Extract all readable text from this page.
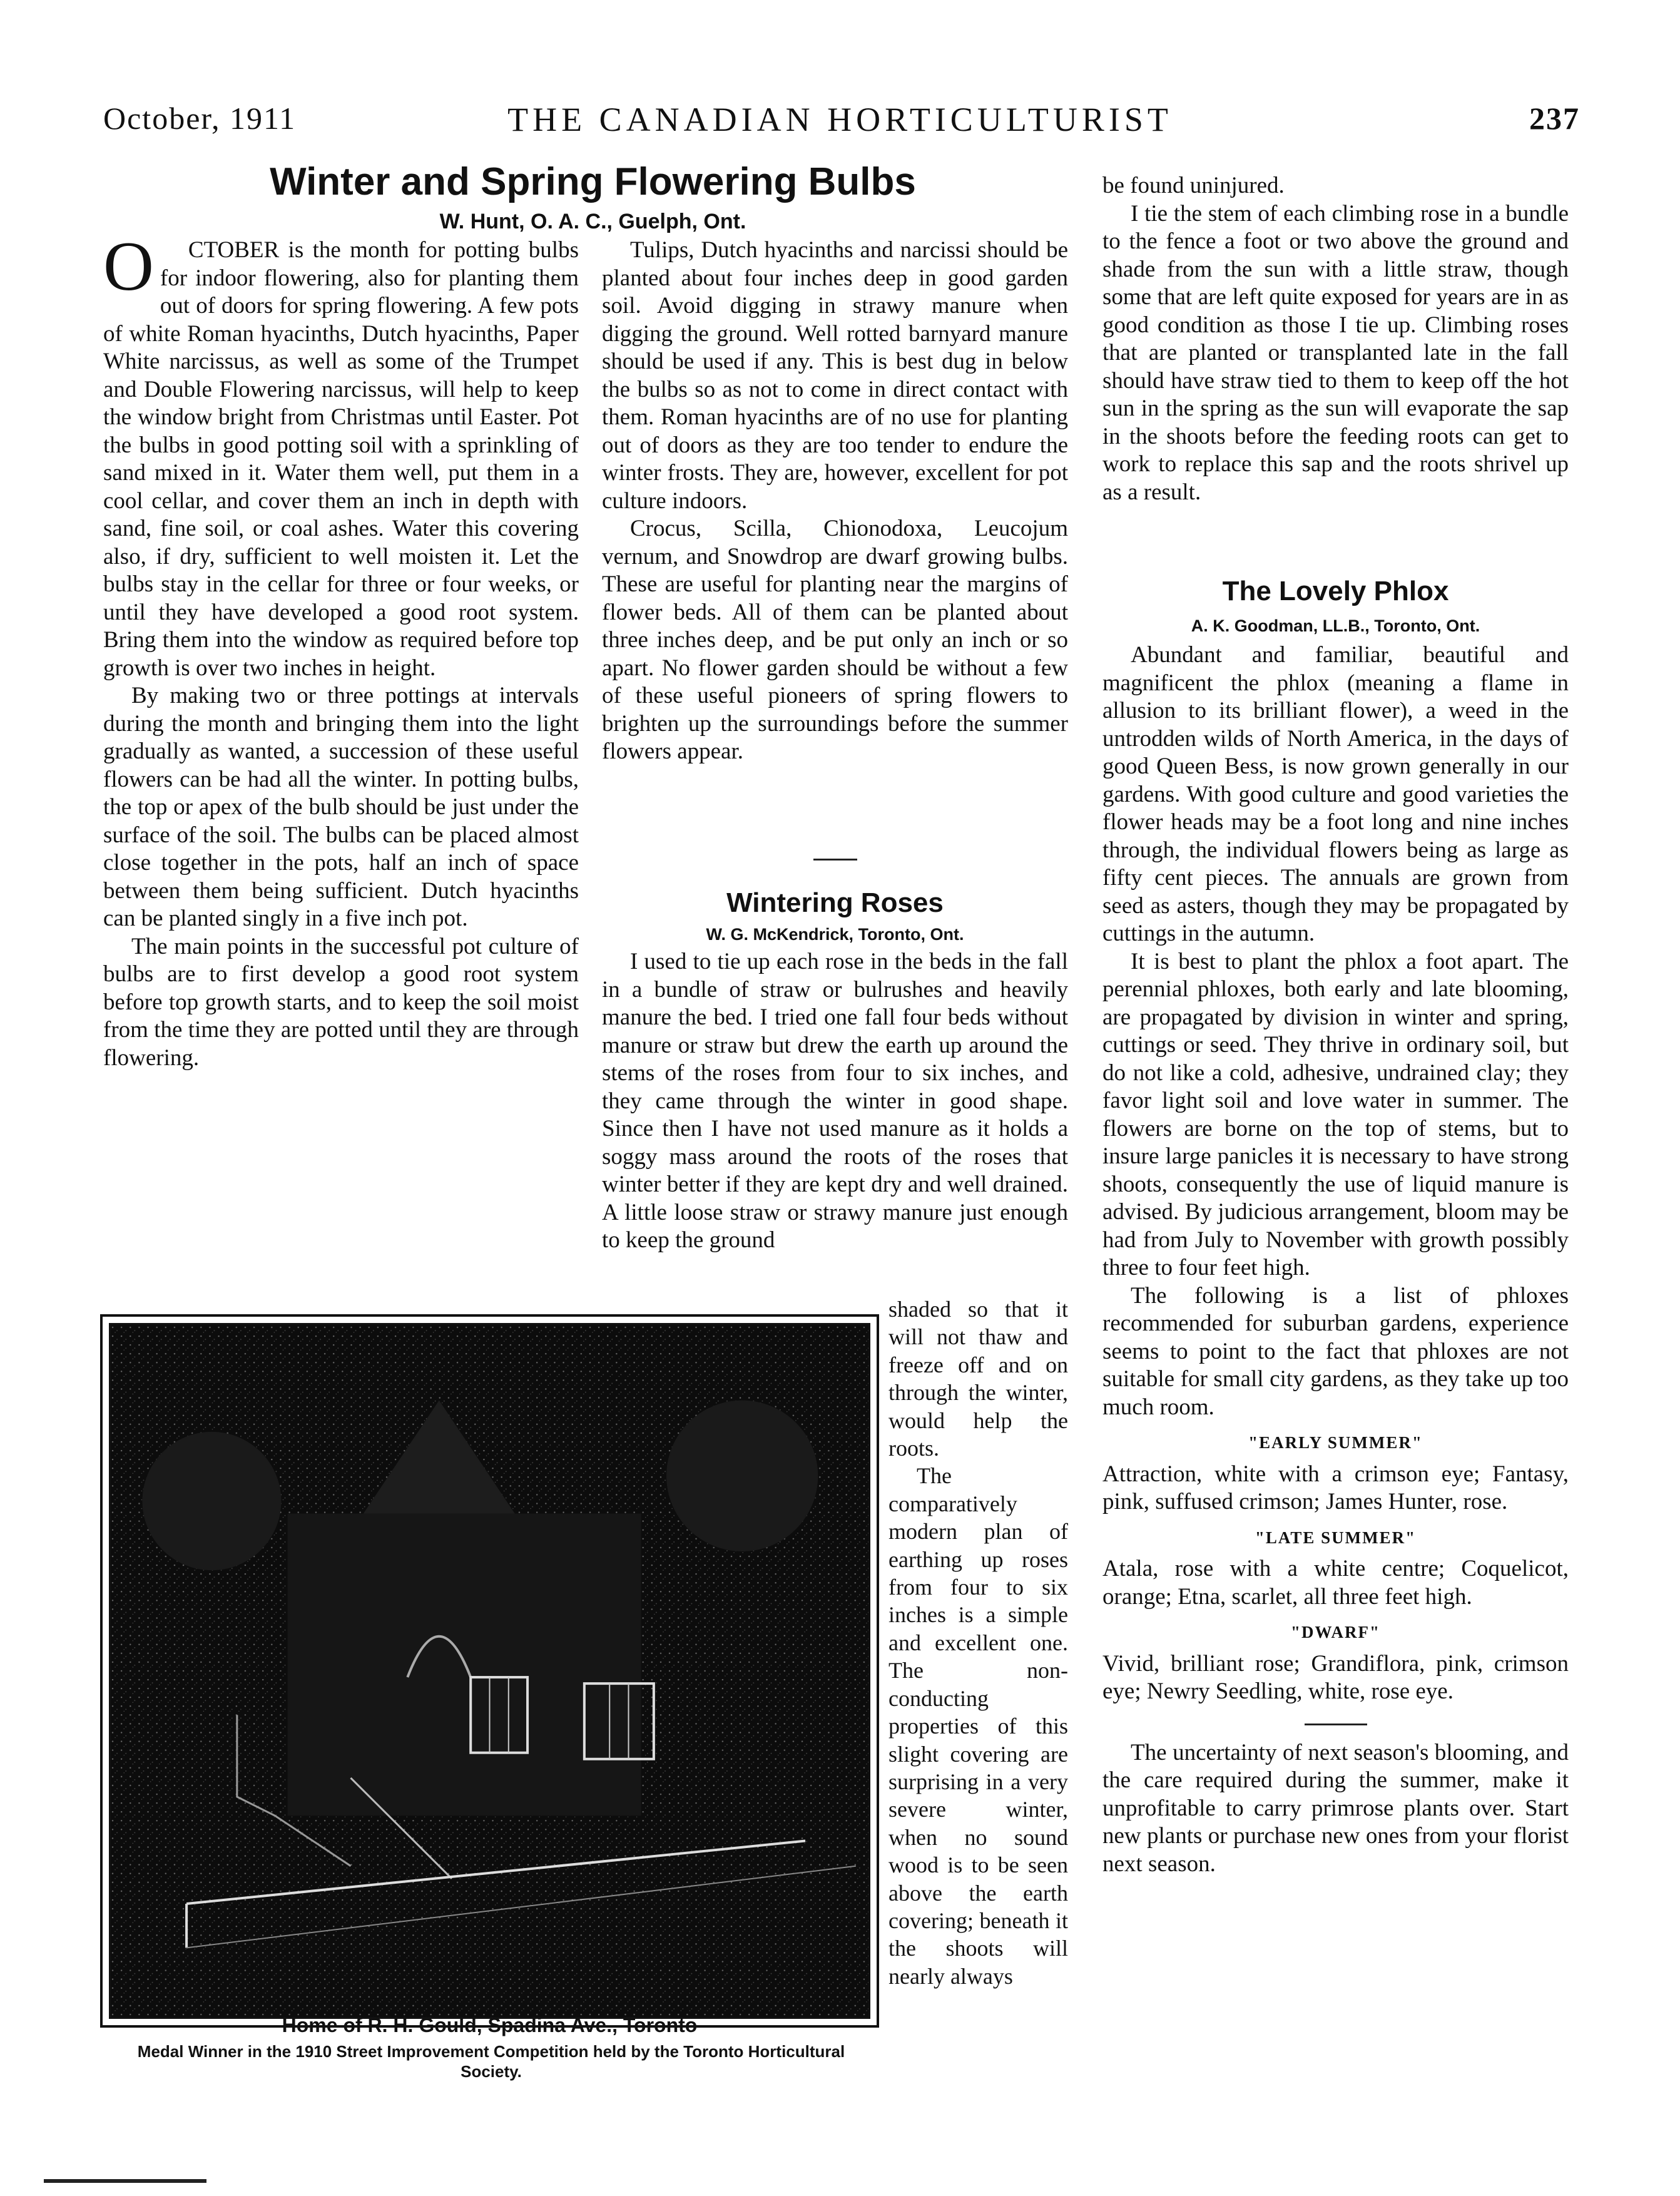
October, 1911	THE CANADIAN HORTICULTURIST	237
Winter and Spring Flowering Bulbs
W. Hunt, O. A. C., Guelph, Ont.

O CTOBER is the month for potting bulbs for indoor flowering, also for planting them out of doors for spring flowering. A few pots of white Roman hyacinths, Dutch hyacinths, Paper White narcissus, as well as some of the Trumpet and Double Flowering narcissus, will help to keep the window bright from Christmas until Easter. Pot the bulbs in good potting soil with a sprinkling of sand mixed in it. Water them well, put them in a cool cellar, and cover them an inch in depth with sand, fine soil, or coal ashes. Water this covering also, if dry, sufficient to well moisten it. Let the bulbs stay in the cellar for three or four weeks, or until they have developed a good root system. Bring them into the window as required before top growth is over two inches in height.

By making two or three pottings at intervals during the month and bringing them into the light gradually as wanted, a succession of these useful flowers can be had all the winter. In potting bulbs, the top or apex of the bulb should be just under the surface of the soil. The bulbs can be placed almost close together in the pots, half an inch of space between them being sufficient. Dutch hyacinths can be planted singly in a five inch pot.

The main points in the successful pot culture of bulbs are to first develop a good root system before top growth starts, and to keep the soil moist from the time they are potted until they are through flowering.

Tulips, Dutch hyacinths and narcissi should be planted about four inches deep in good garden soil. Avoid digging in strawy manure when digging the ground. Well rotted barnyard manure should be used if any. This is best dug in below the bulbs so as not to come in direct contact with them. Roman hyacinths are of no use for planting out of doors as they are too tender to endure the winter frosts. They are, however, excellent for pot culture indoors.

Crocus, Scilla, Chionodoxa, Leucojum vernum, and Snowdrop are dwarf growing bulbs. These are useful for planting near the margins of flower beds. All of them can be planted about three inches deep, and be put only an inch or so apart. No flower garden should be without a few of these useful pioneers of spring flowers to brighten up the surroundings before the summer flowers appear.

Wintering Roses
W. G. McKendrick, Toronto, Ont.

I used to tie up each rose in the beds in the fall in a bundle of straw or bulrushes and heavily manure the bed. I tried one fall four beds without manure or straw but drew the earth up around the stems of the roses from four to six inches, and they came through the winter in good shape. Since then I have not used manure as it holds a soggy mass around the roots of the roses that winter better if they are kept dry and well drained. A little loose straw or strawy manure just enough to keep the ground

shaded so that it will not thaw and freeze off and on through the winter, would help the roots.

The comparatively modern plan of earthing up roses from four to six inches is a simple and excellent one. The non-conducting properties of this slight covering are surprising in a very severe winter, when no sound wood is to be seen above the earth covering; beneath it the shoots will nearly always

be found uninjured.

I tie the stem of each climbing rose in a bundle to the fence a foot or two above the ground and shade from the sun with a little straw, though some that are left quite exposed for years are in as good condition as those I tie up. Climbing roses that are planted or transplanted late in the fall should have straw tied to them to keep off the hot sun in the spring as the sun will evaporate the sap in the shoots before the feeding roots can get to work to replace this sap and the roots shrivel up as a result.

The Lovely Phlox
A. K. Goodman, LL.B., Toronto, Ont.

Abundant and familiar, beautiful and magnificent the phlox (meaning a flame in allusion to its brilliant flower), a weed in the untrodden wilds of North America, in the days of good Queen Bess, is now grown generally in our gardens. With good culture and good varieties the flower heads may be a foot long and nine inches through, the individual flowers being as large as fifty cent pieces. The annuals are grown from seed as asters, though they may be propagated by cuttings in the autumn.

It is best to plant the phlox a foot apart. The perennial phloxes, both early and late blooming, are propagated by division in winter and spring, cuttings or seed. They thrive in ordinary soil, but do not like a cold, adhesive, undrained clay; they favor light soil and love water in summer. The flowers are borne on the top of stems, but to insure large panicles it is necessary to have strong shoots, consequently the use of liquid manure is advised. By judicious arrangement, bloom may be had from July to November with growth possibly three to four feet high.

The following is a list of phloxes recommended for suburban gardens, experience seems to point to the fact that phloxes are not suitable for small city gardens, as they take up too much room.

"EARLY SUMMER"

Attraction, white with a crimson eye; Fantasy, pink, suffused crimson; James Hunter, rose.

"LATE SUMMER"

Atala, rose with a white centre; Coquelicot, orange; Etna, scarlet, all three feet high.

"DWARF"

Vivid, brilliant rose; Grandiflora, pink, crimson eye; Newry Seedling, white, rose eye.

The uncertainty of next season's blooming, and the care required during the summer, make it unprofitable to carry primrose plants over. Start new plants or purchase new ones from your florist next season.

Home of R. H. Gould, Spadina Ave., Toronto
Medal Winner in the 1910 Street Improvement Competition held by the Toronto Horticultural Society.
